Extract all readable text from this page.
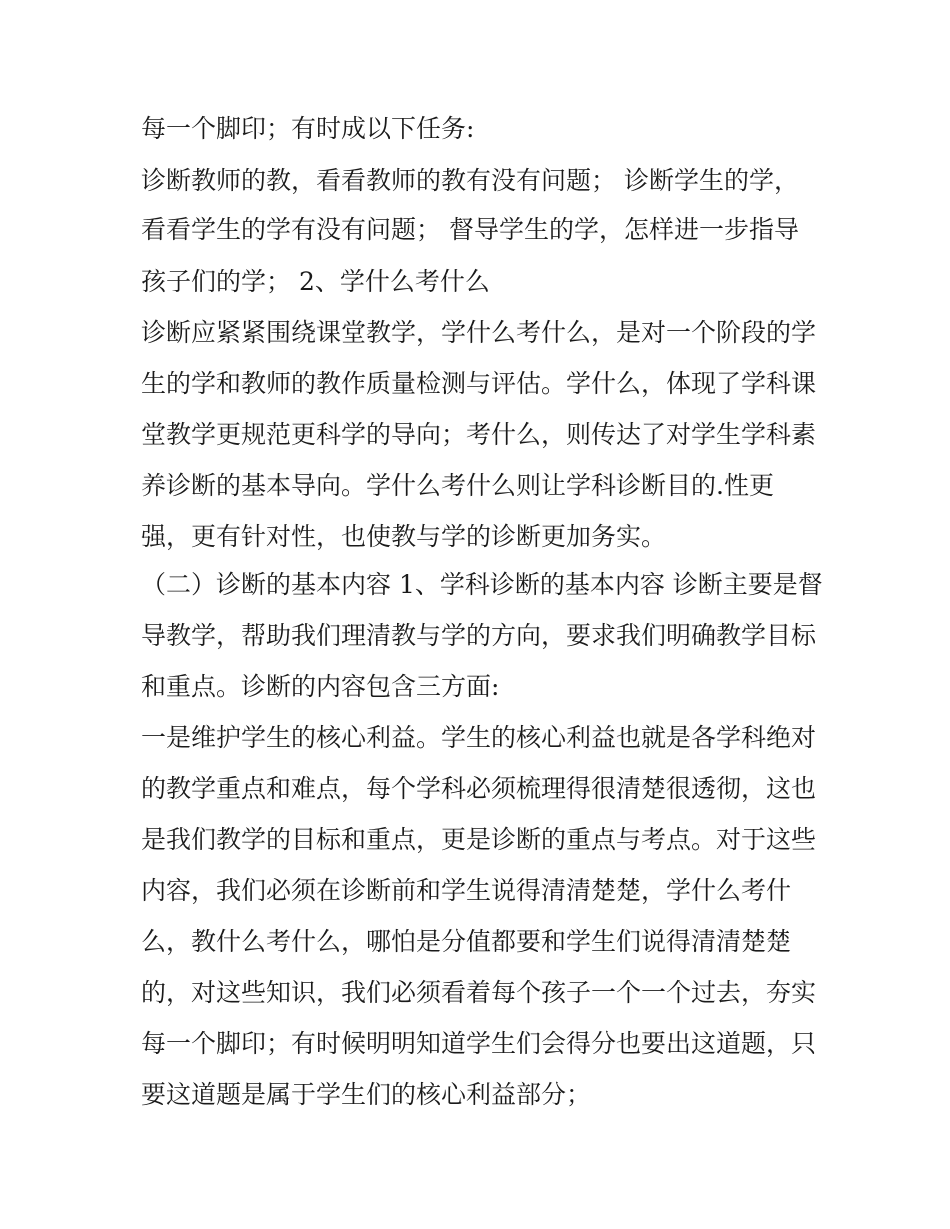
每一个脚印；有时成以下任务:

诊断教师的教，看看教师的教有没有问题； 诊断学生的学，

看看学生的学有没有问题； 督导学生的学，怎样进一步指导

孩子们的学； 2、学什么考什么

诊断应紧紧围绕课堂教学，学什么考什么，是对一个阶段的学

生的学和教师的教作质量检测与评估。学什么，体现了学科课

堂教学更规范更科学的导向；考什么，则传达了对学生学科素

养诊断的基本导向。学什么考什么则让学科诊断目的.性更

强，更有针对性，也使教与学的诊断更加务实。

（二）诊断的基本内容 1、学科诊断的基本内容 诊断主要是督

导教学，帮助我们理清教与学的方向，要求我们明确教学目标

和重点。诊断的内容包含三方面:

一是维护学生的核心利益。学生的核心利益也就是各学科绝对

的教学重点和难点，每个学科必须梳理得很清楚很透彻，这也

是我们教学的目标和重点，更是诊断的重点与考点。对于这些

内容，我们必须在诊断前和学生说得清清楚楚，学什么考什

么，教什么考什么，哪怕是分值都要和学生们说得清清楚楚

的，对这些知识，我们必须看着每个孩子一个一个过去，夯实

每一个脚印；有时候明明知道学生们会得分也要出这道题，只

要这道题是属于学生们的核心利益部分；
